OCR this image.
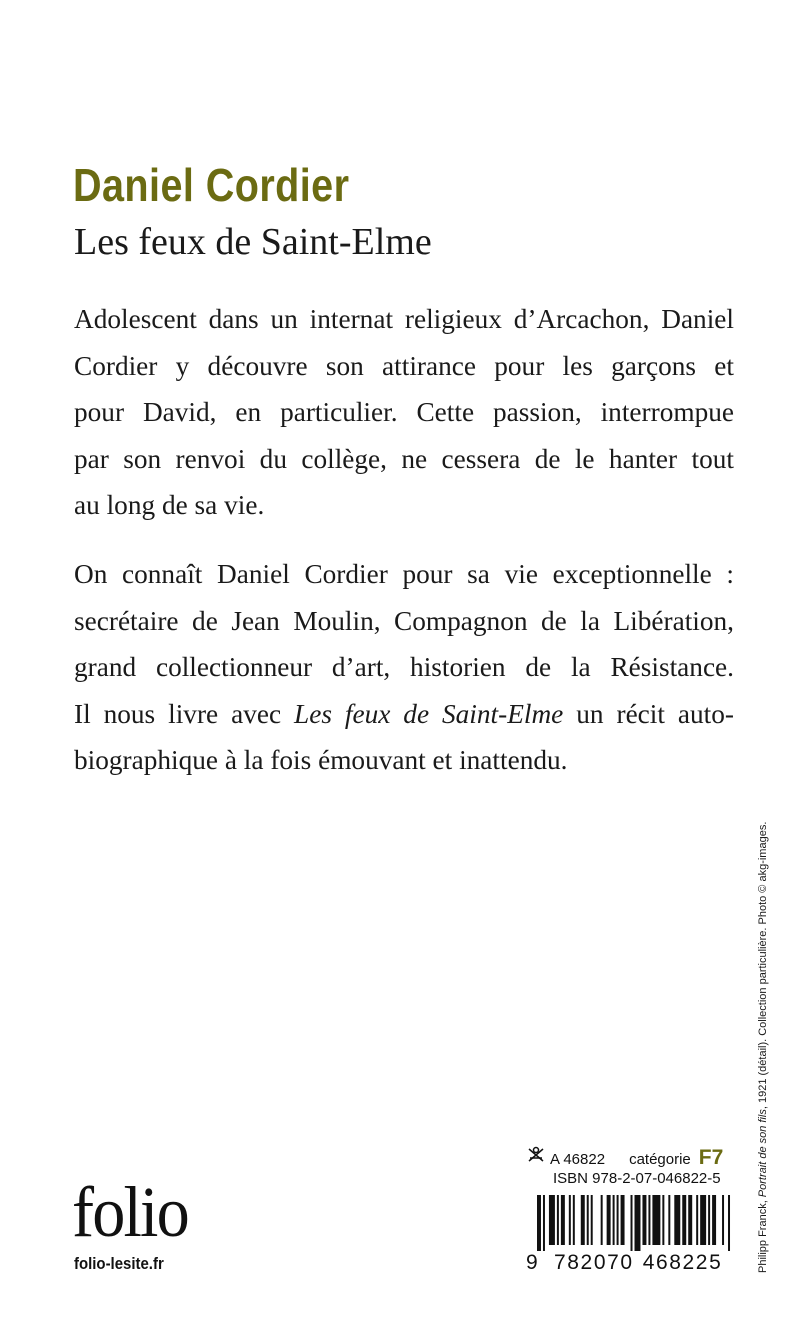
Daniel Cordier
Les feux de Saint-Elme
Adolescent dans un internat religieux d’Arcachon, Daniel
Cordier y découvre son attirance pour les garçons et
pour David, en particulier. Cette passion, interrompue
par son renvoi du collège, ne cessera de le hanter tout
au long de sa vie.
On connaît Daniel Cordier pour sa vie exceptionnelle :
secrétaire de Jean Moulin, Compagnon de la Libération,
grand collectionneur d’art, historien de la Résistance.
Il nous livre avec Les feux de Saint-Elme un récit auto-
biographique à la fois émouvant et inattendu.
Philipp Franck, Portrait de son fils, 1921 (détail). Collection particulière. Photo © akg-images.
folio
folio-lesite.fr
A 46822 catégorie F7
ISBN 978-2-07-046822-5
9 782070 468225
